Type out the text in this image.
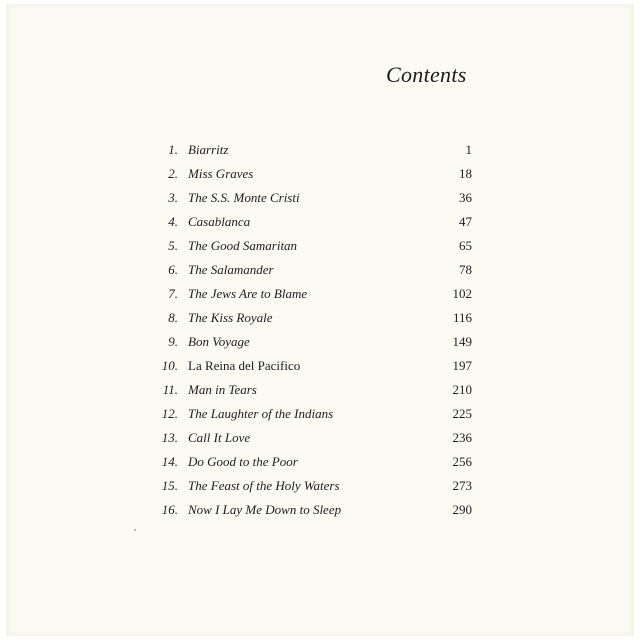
Contents
1. Biarritz	1
2. Miss Graves	18
3. The S.S. Monte Cristi	36
4. Casablanca	47
5. The Good Samaritan	65
6. The Salamander	78
7. The Jews Are to Blame	102
8. The Kiss Royale	116
9. Bon Voyage	149
10. La Reina del Pacifico	197
11. Man in Tears	210
12. The Laughter of the Indians	225
13. Call It Love	236
14. Do Good to the Poor	256
15. The Feast of the Holy Waters	273
16. Now I Lay Me Down to Sleep	290
